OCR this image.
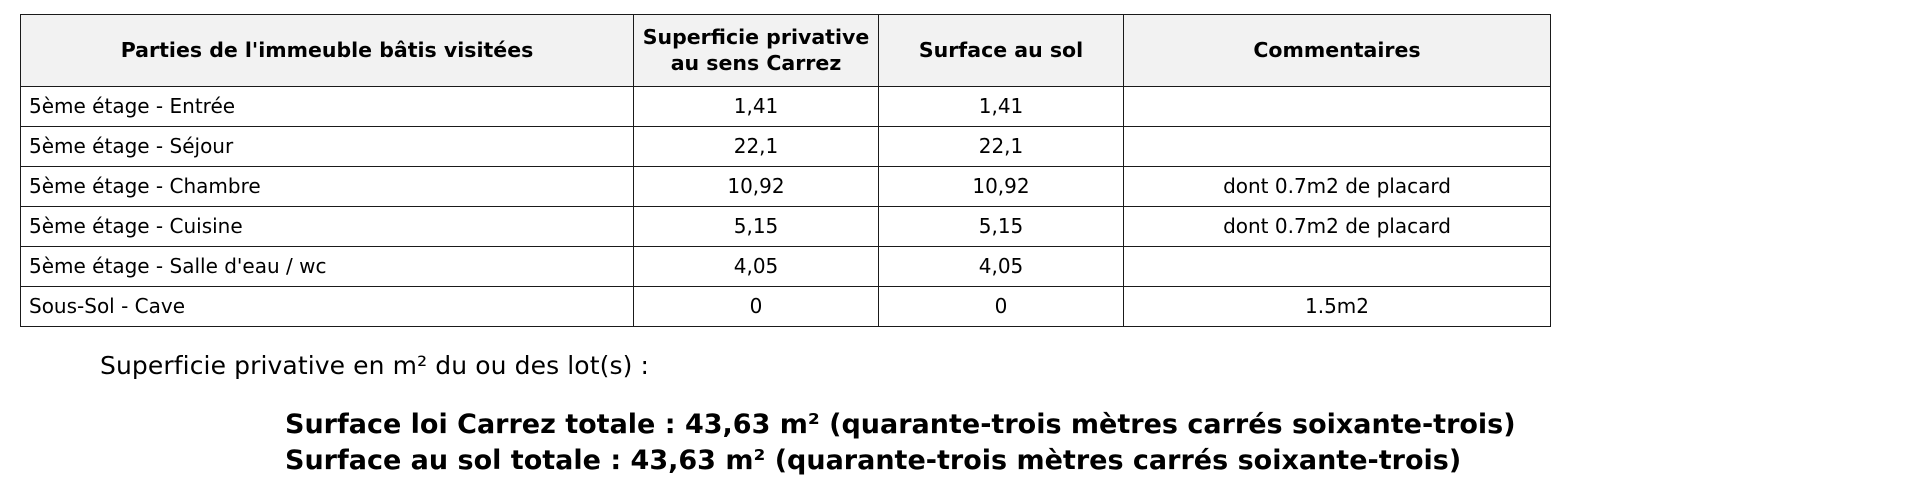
Parties de l'immeuble bâtis visitées	Superficie privative au sens Carrez	Surface au sol	Commentaires
5ème étage - Entrée	1,41	1,41	
5ème étage - Séjour	22,1	22,1	
5ème étage - Chambre	10,92	10,92	dont 0.7m2 de placard
5ème étage - Cuisine	5,15	5,15	dont 0.7m2 de placard
5ème étage - Salle d'eau / wc	4,05	4,05	
Sous-Sol - Cave	0	0	1.5m2
Superficie privative en m² du ou des lot(s) :
Surface loi Carrez totale : 43,63 m² (quarante-trois mètres carrés soixante-trois)
Surface au sol totale : 43,63 m² (quarante-trois mètres carrés soixante-trois)
